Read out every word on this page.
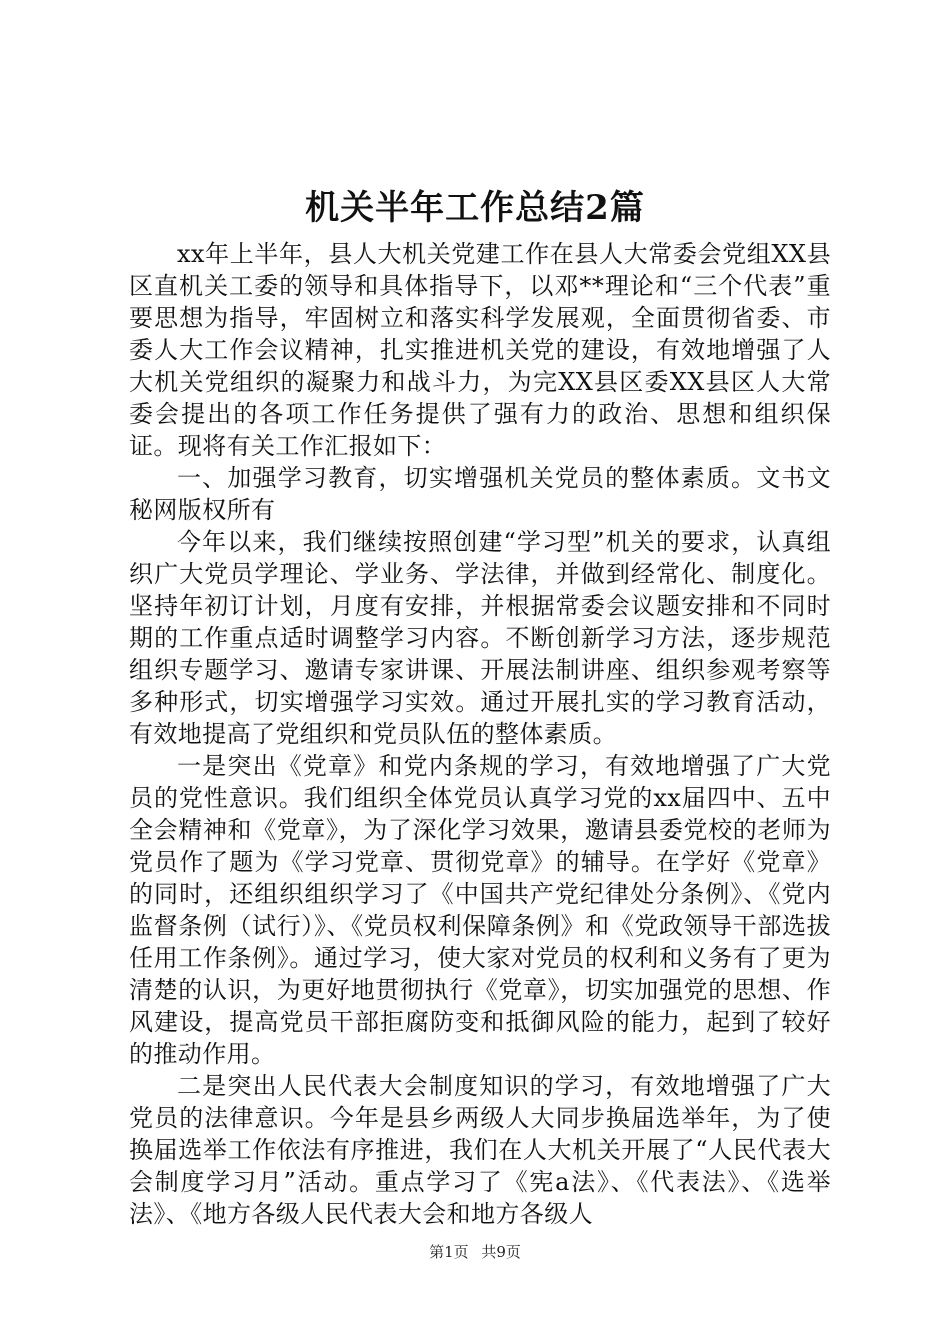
机关半年工作总结2篇

xx年上半年，县人大机关党建工作在县人大常委会党组XX县区直机关工委的领导和具体指导下，以邓**理论和“三个代表”重要思想为指导，牢固树立和落实科学发展观，全面贯彻省委、市委人大工作会议精神，扎实推进机关党的建设，有效地增强了人大机关党组织的凝聚力和战斗力，为完XX县区委XX县区人大常委会提出的各项工作任务提供了强有力的政治、思想和组织保证。现将有关工作汇报如下：

一、加强学习教育，切实增强机关党员的整体素质。文书文秘网版权所有

今年以来，我们继续按照创建“学习型”机关的要求，认真组织广大党员学理论、学业务、学法律，并做到经常化、制度化。坚持年初订计划，月度有安排，并根据常委会议题安排和不同时期的工作重点适时调整学习内容。不断创新学习方法，逐步规范组织专题学习、邀请专家讲课、开展法制讲座、组织参观考察等多种形式，切实增强学习实效。通过开展扎实的学习教育活动，有效地提高了党组织和党员队伍的整体素质。

一是突出《党章》和党内条规的学习，有效地增强了广大党员的党性意识。我们组织全体党员认真学习党的xx届四中、五中全会精神和《党章》，为了深化学习效果，邀请县委党校的老师为党员作了题为《学习党章、贯彻党章》的辅导。在学好《党章》的同时，还组织组织学习了《中国共产党纪律处分条例》、《党内监督条例（试行）》、《党员权利保障条例》和《党政领导干部选拔任用工作条例》。通过学习，使大家对党员的权利和义务有了更为清楚的认识，为更好地贯彻执行《党章》，切实加强党的思想、作风建设，提高党员干部拒腐防变和抵御风险的能力，起到了较好的推动作用。

二是突出人民代表大会制度知识的学习，有效地增强了广大党员的法律意识。今年是县乡两级人大同步换届选举年，为了使换届选举工作依法有序推进，我们在人大机关开展了“人民代表大会制度学习月”活动。重点学习了《宪a法》、《代表法》、《选举法》、《地方各级人民代表大会和地方各级人

第1页 共9页
